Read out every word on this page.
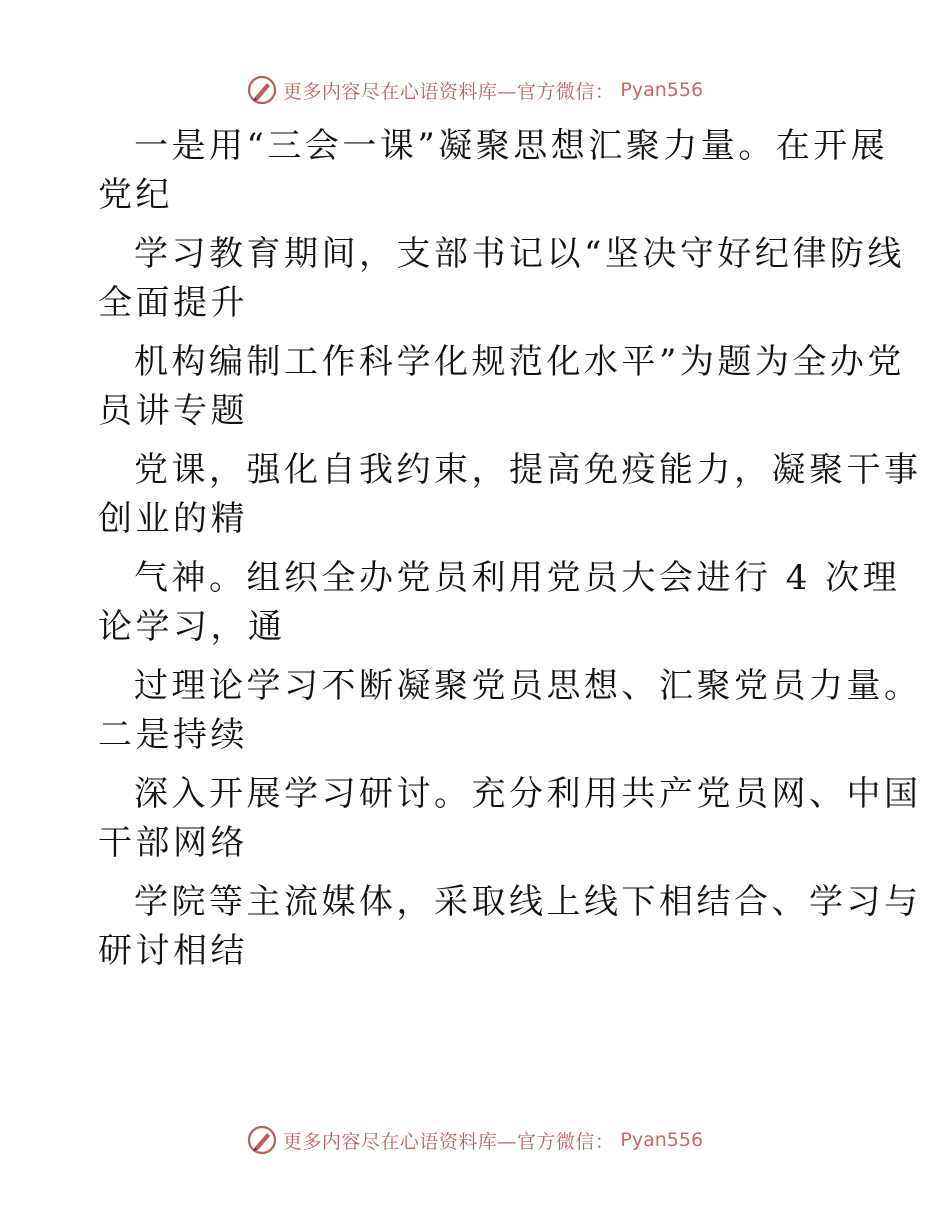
更多内容尽在心语资料库—官方微信： Pyan556

一是用“三会一课”凝聚思想汇聚力量。在开展

党纪

学习教育期间，支部书记以“坚决守好纪律防线

全面提升

机构编制工作科学化规范化水平”为题为全办党

员讲专题

党课，强化自我约束，提高免疫能力，凝聚干事

创业的精

气神。组织全办党员利用党员大会进行 4 次理

论学习，通

过理论学习不断凝聚党员思想、汇聚党员力量。

二是持续

深入开展学习研讨。充分利用共产党员网、中国

干部网络

学院等主流媒体，采取线上线下相结合、学习与

研讨相结

更多内容尽在心语资料库—官方微信： Pyan556
